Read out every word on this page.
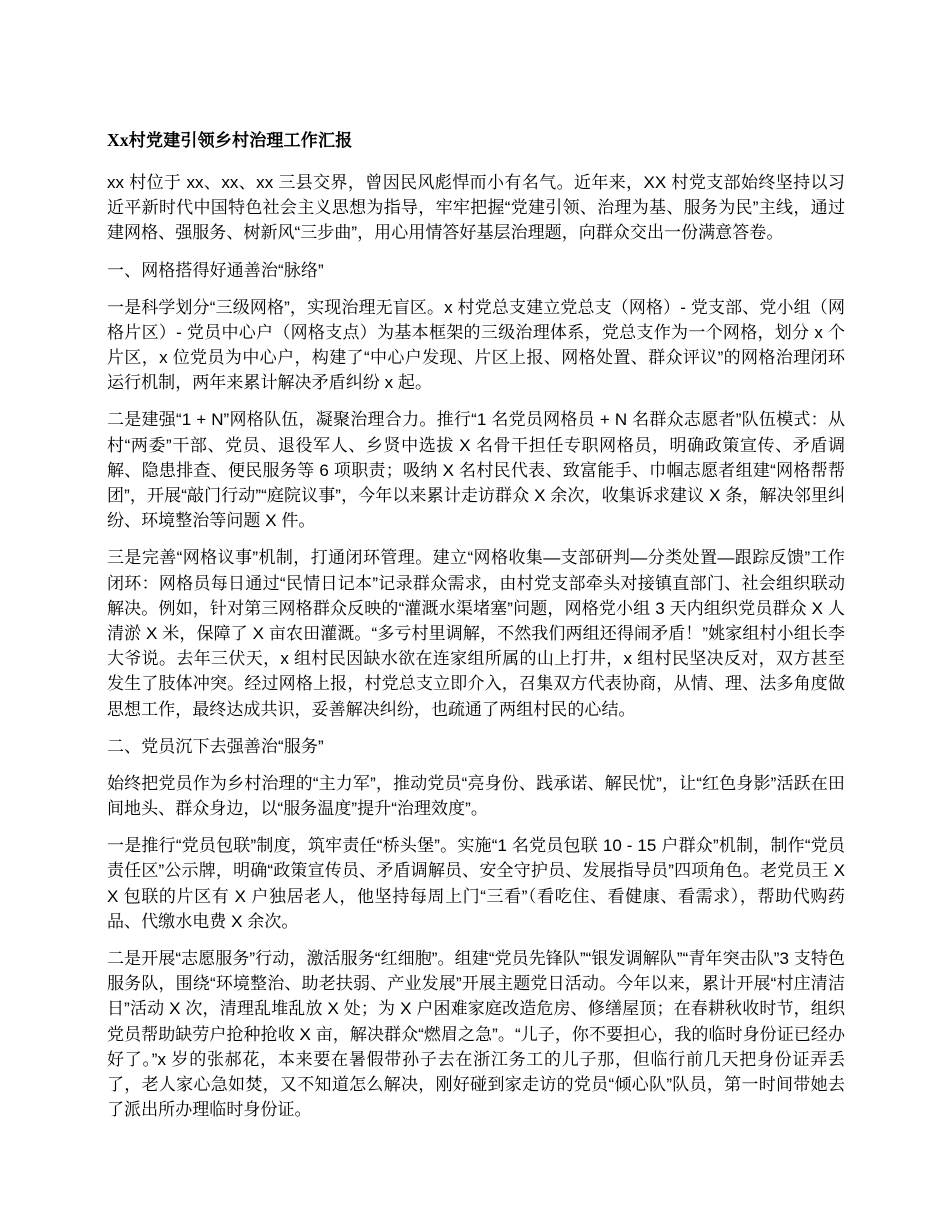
Xx村党建引领乡村治理工作汇报

xx 村位于 xx、xx、xx 三县交界，曾因民风彪悍而小有名气。近年来，XX 村党支部始终坚持以习近平新时代中国特色社会主义思想为指导，牢牢把握“党建引领、治理为基、服务为民”主线，通过建网格、强服务、树新风“三步曲”，用心用情答好基层治理题，向群众交出一份满意答卷。

一、网格搭得好通善治“脉络”

一是科学划分“三级网格”，实现治理无盲区。x 村党总支建立党总支（网格）- 党支部、党小组（网格片区）- 党员中心户（网格支点）为基本框架的三级治理体系，党总支作为一个网格，划分 x 个片区，x 位党员为中心户，构建了“中心户发现、片区上报、网格处置、群众评议”的网格治理闭环运行机制，两年来累计解决矛盾纠纷 x 起。

二是建强“1 + N”网格队伍，凝聚治理合力。推行“1 名党员网格员 + N 名群众志愿者”队伍模式：从村“两委”干部、党员、退役军人、乡贤中选拔 X 名骨干担任专职网格员，明确政策宣传、矛盾调解、隐患排查、便民服务等 6 项职责；吸纳 X 名村民代表、致富能手、巾帼志愿者组建“网格帮帮团”，开展“敲门行动”“庭院议事”，今年以来累计走访群众 X 余次，收集诉求建议 X 条，解决邻里纠纷、环境整治等问题 X 件。

三是完善“网格议事”机制，打通闭环管理。建立“网格收集—支部研判—分类处置—跟踪反馈”工作闭环：网格员每日通过“民情日记本”记录群众需求，由村党支部牵头对接镇直部门、社会组织联动解决。例如，针对第三网格群众反映的“灌溉水渠堵塞”问题，网格党小组 3 天内组织党员群众 X 人清淤 X 米，保障了 X 亩农田灌溉。“多亏村里调解，不然我们两组还得闹矛盾！”姚家组村小组长李大爷说。去年三伏天，x 组村民因缺水欲在连家组所属的山上打井，x 组村民坚决反对，双方甚至发生了肢体冲突。经过网格上报，村党总支立即介入，召集双方代表协商，从情、理、法多角度做思想工作，最终达成共识，妥善解决纠纷，也疏通了两组村民的心结。

二、党员沉下去强善治“服务”

始终把党员作为乡村治理的“主力军”，推动党员“亮身份、践承诺、解民忧”，让“红色身影”活跃在田间地头、群众身边，以“服务温度”提升“治理效度”。

一是推行“党员包联”制度，筑牢责任“桥头堡”。实施“1 名党员包联 10 - 15 户群众”机制，制作“党员责任区”公示牌，明确“政策宣传员、矛盾调解员、安全守护员、发展指导员”四项角色。老党员王 XX 包联的片区有 X 户独居老人，他坚持每周上门“三看”（看吃住、看健康、看需求），帮助代购药品、代缴水电费 X 余次。

二是开展“志愿服务”行动，激活服务“红细胞”。组建“党员先锋队”“银发调解队”“青年突击队”3 支特色服务队，围绕“环境整治、助老扶弱、产业发展”开展主题党日活动。今年以来，累计开展“村庄清洁日”活动 X 次，清理乱堆乱放 X 处；为 X 户困难家庭改造危房、修缮屋顶；在春耕秋收时节，组织党员帮助缺劳户抢种抢收 X 亩，解决群众“燃眉之急”。“儿子，你不要担心，我的临时身份证已经办好了。”x 岁的张郝花，本来要在暑假带孙子去在浙江务工的儿子那，但临行前几天把身份证弄丢了，老人家心急如焚，又不知道怎么解决，刚好碰到家走访的党员“倾心队”队员，第一时间带她去了派出所办理临时身份证。
